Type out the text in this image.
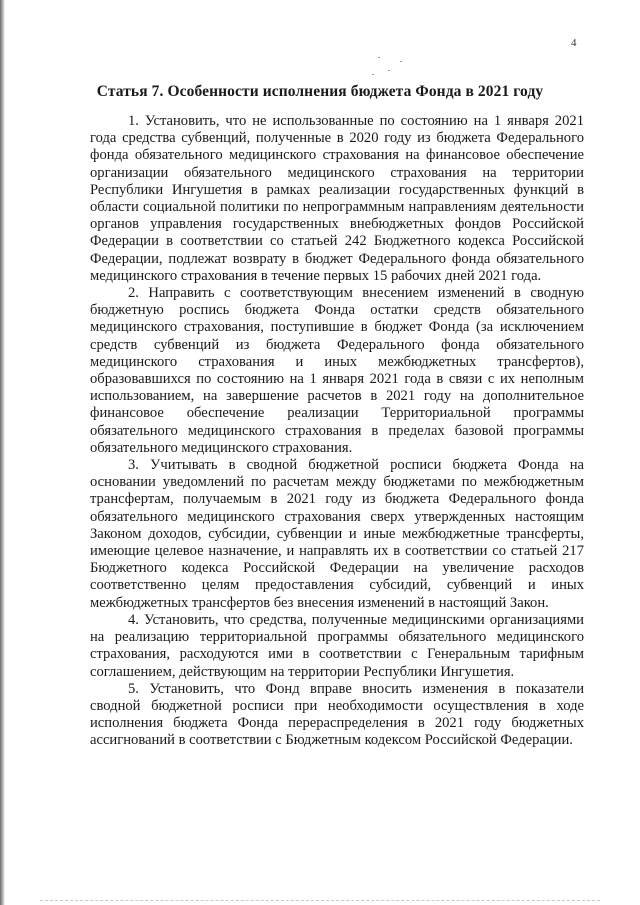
4
Статья 7. Особенности исполнения бюджета Фонда в 2021 году

1. Установить, что не использованные по состоянию на 1 января 2021 года средства субвенций, полученные в 2020 году из бюджета Федерального фонда обязательного медицинского страхования на финансовое обеспечение организации обязательного медицинского страхования на территории Республики Ингушетия в рамках реализации государственных функций в области социальной политики по непрограммным направлениям деятельности органов управления государственных внебюджетных фондов Российской Федерации в соответствии со статьей 242 Бюджетного кодекса Российской Федерации, подлежат возврату в бюджет Федерального фонда обязательного медицинского страхования в течение первых 15 рабочих дней 2021 года.

2. Направить с соответствующим внесением изменений в сводную бюджетную роспись бюджета Фонда остатки средств обязательного медицинского страхования, поступившие в бюджет Фонда (за исключением средств субвенций из бюджета Федерального фонда обязательного медицинского страхования и иных межбюджетных трансфертов), образовавшихся по состоянию на 1 января 2021 года в связи с их неполным использованием, на завершение расчетов в 2021 году на дополнительное финансовое обеспечение реализации Территориальной программы обязательного медицинского страхования в пределах базовой программы обязательного медицинского страхования.

3. Учитывать в сводной бюджетной росписи бюджета Фонда на основании уведомлений по расчетам между бюджетами по межбюджетным трансфертам, получаемым в 2021 году из бюджета Федерального фонда обязательного медицинского страхования сверх утвержденных настоящим Законом доходов, субсидии, субвенции и иные межбюджетные трансферты, имеющие целевое назначение, и направлять их в соответствии со статьей 217 Бюджетного кодекса Российской Федерации на увеличение расходов соответственно целям предоставления субсидий, субвенций и иных межбюджетных трансфертов без внесения изменений в настоящий Закон.

4. Установить, что средства, полученные медицинскими организациями на реализацию территориальной программы обязательного медицинского страхования, расходуются ими в соответствии с Генеральным тарифным соглашением, действующим на территории Республики Ингушетия.

5. Установить, что Фонд вправе вносить изменения в показатели сводной бюджетной росписи при необходимости осуществления в ходе исполнения бюджета Фонда перераспределения в 2021 году бюджетных ассигнований в соответствии с Бюджетным кодексом Российской Федерации.
